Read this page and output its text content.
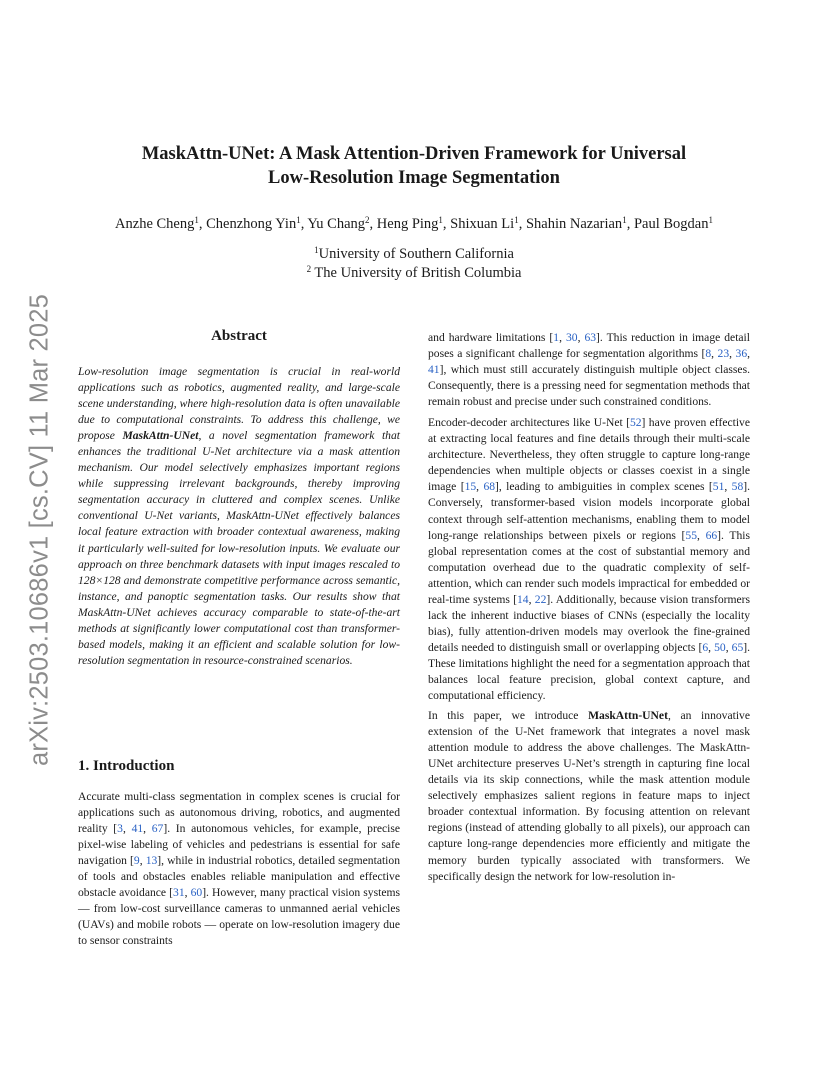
arXiv:2503.10686v1 [cs.CV] 11 Mar 2025
MaskAttn-UNet: A Mask Attention-Driven Framework for Universal
Low-Resolution Image Segmentation
Anzhe Cheng$^1$, Chenzhong Yin$^1$, Yu Chang$^2$, Heng Ping$^1$, Shixuan Li$^1$, Shahin Nazarian$^1$, Paul Bogdan$^1$
$^1$University of Southern California
$^2$ The University of British Columbia
Abstract
Low-resolution image segmentation is crucial in real-world applications such as robotics, augmented reality, and large-scale scene understanding, where high-resolution data is often unavailable due to computational constraints. To address this challenge, we propose MaskAttn-UNet, a novel segmentation framework that enhances the traditional U-Net architecture via a mask attention mechanism. Our model selectively emphasizes important regions while suppressing irrelevant backgrounds, thereby improving segmentation accuracy in cluttered and complex scenes. Unlike conventional U-Net variants, MaskAttn-UNet effectively balances local feature extraction with broader contextual awareness, making it particularly well-suited for low-resolution inputs. We evaluate our approach on three benchmark datasets with input images rescaled to 128×128 and demonstrate competitive performance across semantic, instance, and panoptic segmentation tasks. Our results show that MaskAttn-UNet achieves accuracy comparable to state-of-the-art methods at significantly lower computational cost than transformer-based models, making it an efficient and scalable solution for low-resolution segmentation in resource-constrained scenarios.
1. Introduction
Accurate multi-class segmentation in complex scenes is crucial for applications such as autonomous driving, robotics, and augmented reality [3, 41, 67]. In autonomous vehicles, for example, precise pixel-wise labeling of vehicles and pedestrians is essential for safe navigation [9, 13], while in industrial robotics, detailed segmentation of tools and obstacles enables reliable manipulation and effective obstacle avoidance [31, 60]. However, many practical vision systems — from low-cost surveillance cameras to unmanned aerial vehicles (UAVs) and mobile robots — operate on low-resolution imagery due to sensor constraints

and hardware limitations [1, 30, 63]. This reduction in image detail poses a significant challenge for segmentation algorithms [8, 23, 36, 41], which must still accurately distinguish multiple object classes. Consequently, there is a pressing need for segmentation methods that remain robust and precise under such constrained conditions.

Encoder-decoder architectures like U-Net [52] have proven effective at extracting local features and fine details through their multi-scale architecture. Nevertheless, they often struggle to capture long-range dependencies when multiple objects or classes coexist in a single image [15, 68], leading to ambiguities in complex scenes [51, 58]. Conversely, transformer-based vision models incorporate global context through self-attention mechanisms, enabling them to model long-range relationships between pixels or regions [55, 66]. This global representation comes at the cost of substantial memory and computation overhead due to the quadratic complexity of self-attention, which can render such models impractical for embedded or real-time systems [14, 22]. Additionally, because vision transformers lack the inherent inductive biases of CNNs (especially the locality bias), fully attention-driven models may overlook the fine-grained details needed to distinguish small or overlapping objects [6, 50, 65]. These limitations highlight the need for a segmentation approach that balances local feature precision, global context capture, and computational efficiency.

In this paper, we introduce MaskAttn-UNet, an innovative extension of the U-Net framework that integrates a novel mask attention module to address the above challenges. The MaskAttn-UNet architecture preserves U-Net’s strength in capturing fine local details via its skip connections, while the mask attention module selectively emphasizes salient regions in feature maps to inject broader contextual information. By focusing attention on relevant regions (instead of attending globally to all pixels), our approach can capture long-range dependencies more efficiently and mitigate the memory burden typically associated with transformers. We specifically design the network for low-resolution in-
